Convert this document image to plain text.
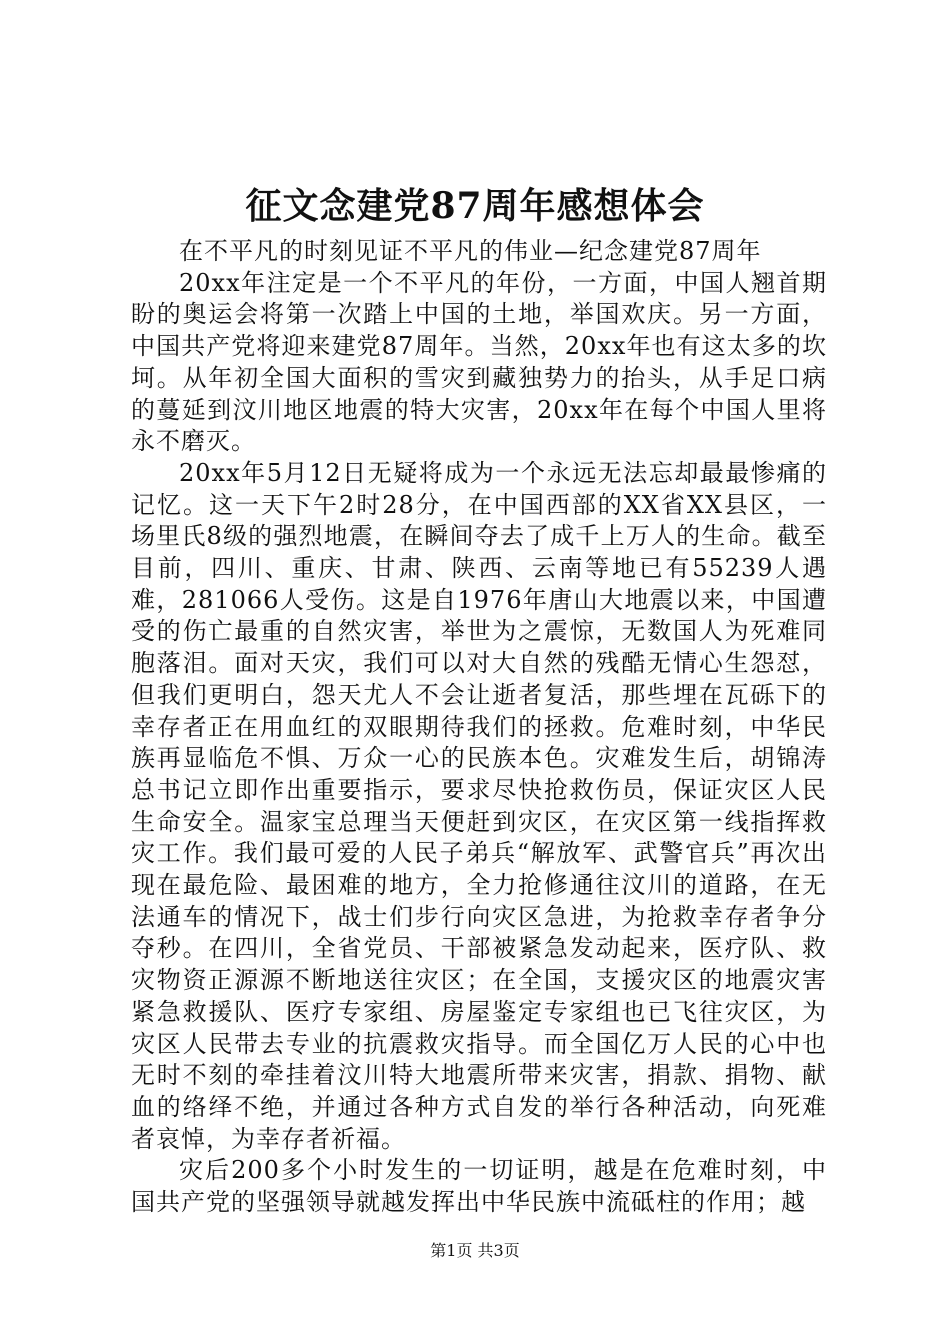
征文念建党87周年感想体会

在不平凡的时刻见证不平凡的伟业—纪念建党87周年

20xx年注定是一个不平凡的年份，一方面，中国人翘首期盼的奥运会将第一次踏上中国的土地，举国欢庆。另一方面，中国共产党将迎来建党87周年。当然，20xx年也有这太多的坎坷。从年初全国大面积的雪灾到藏独势力的抬头，从手足口病的蔓延到汶川地区地震的特大灾害，20xx年在每个中国人里将永不磨灭。

20xx年5月12日无疑将成为一个永远无法忘却最最惨痛的记忆。这一天下午2时28分，在中国西部的XX省XX县区，一场里氏8级的强烈地震，在瞬间夺去了成千上万人的生命。截至目前，四川、重庆、甘肃、陕西、云南等地已有55239人遇难，281066人受伤。这是自1976年唐山大地震以来，中国遭受的伤亡最重的自然灾害，举世为之震惊，无数国人为死难同胞落泪。面对天灾，我们可以对大自然的残酷无情心生怨怼，但我们更明白，怨天尤人不会让逝者复活，那些埋在瓦砾下的幸存者正在用血红的双眼期待我们的拯救。危难时刻，中华民族再显临危不惧、万众一心的民族本色。灾难发生后，胡锦涛总书记立即作出重要指示，要求尽快抢救伤员，保证灾区人民生命安全。温家宝总理当天便赶到灾区，在灾区第一线指挥救灾工作。我们最可爱的人民子弟兵“解放军、武警官兵”再次出现在最危险、最困难的地方，全力抢修通往汶川的道路，在无法通车的情况下，战士们步行向灾区急进，为抢救幸存者争分夺秒。在四川，全省党员、干部被紧急发动起来，医疗队、救灾物资正源源不断地送往灾区；在全国，支援灾区的地震灾害紧急救援队、医疗专家组、房屋鉴定专家组也已飞往灾区，为灾区人民带去专业的抗震救灾指导。而全国亿万人民的心中也无时不刻的牵挂着汶川特大地震所带来灾害，捐款、捐物、献血的络绎不绝，并通过各种方式自发的举行各种活动，向死难者哀悼，为幸存者祈福。

灾后200多个小时发生的一切证明，越是在危难时刻，中国共产党的坚强领导就越发挥出中华民族中流砥柱的作用；越

第1页 共3页
